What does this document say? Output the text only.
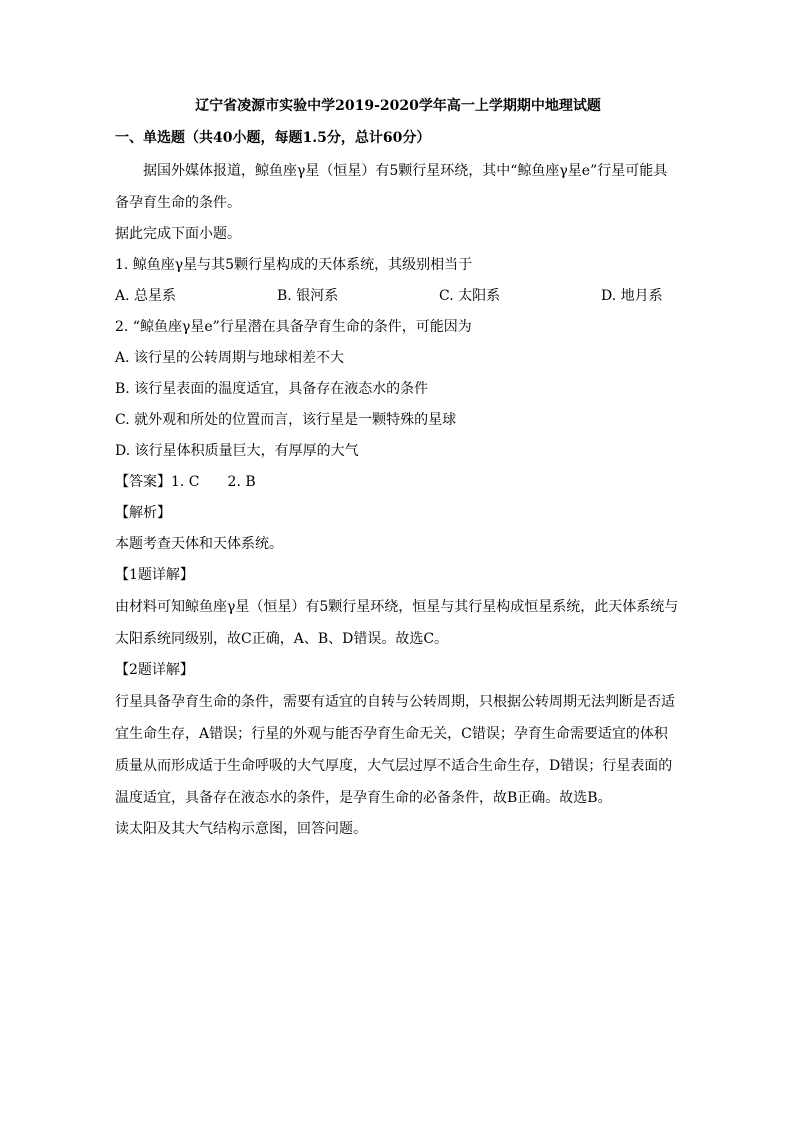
辽宁省凌源市实验中学2019-2020学年高一上学期期中地理试题
一、单选题（共40小题，每题1.5分，总计60分）

据国外媒体报道，鲸鱼座γ星（恒星）有5颗行星环绕，其中“鲸鱼座γ星e”行星可能具备孕育生命的条件。

据此完成下面小题。
1. 鲸鱼座γ星与其5颗行星构成的天体系统，其级别相当于
A. 总星系	B. 银河系	C. 太阳系	D. 地月系
2. “鲸鱼座γ星e”行星潜在具备孕育生命的条件，可能因为
A. 该行星的公转周期与地球相差不大
B. 该行星表面的温度适宜，具备存在液态水的条件
C. 就外观和所处的位置而言，该行星是一颗特殊的星球
D. 该行星体积质量巨大，有厚厚的大气
【答案】1. C 2. B
【解析】
本题考查天体和天体系统。
【1题详解】

由材料可知鲸鱼座γ星（恒星）有5颗行星环绕，恒星与其行星构成恒星系统，此天体系统与太阳系统同级别，故C正确，A、B、D错误。故选C。

【2题详解】

行星具备孕育生命的条件，需要有适宜的自转与公转周期，只根据公转周期无法判断是否适宜生命生存，A错误；行星的外观与能否孕育生命无关，C错误；孕育生命需要适宜的体积质量从而形成适于生命呼吸的大气厚度，大气层过厚不适合生命生存，D错误；行星表面的温度适宜，具备存在液态水的条件，是孕育生命的必备条件，故B正确。故选B。

读太阳及其大气结构示意图，回答问题。
